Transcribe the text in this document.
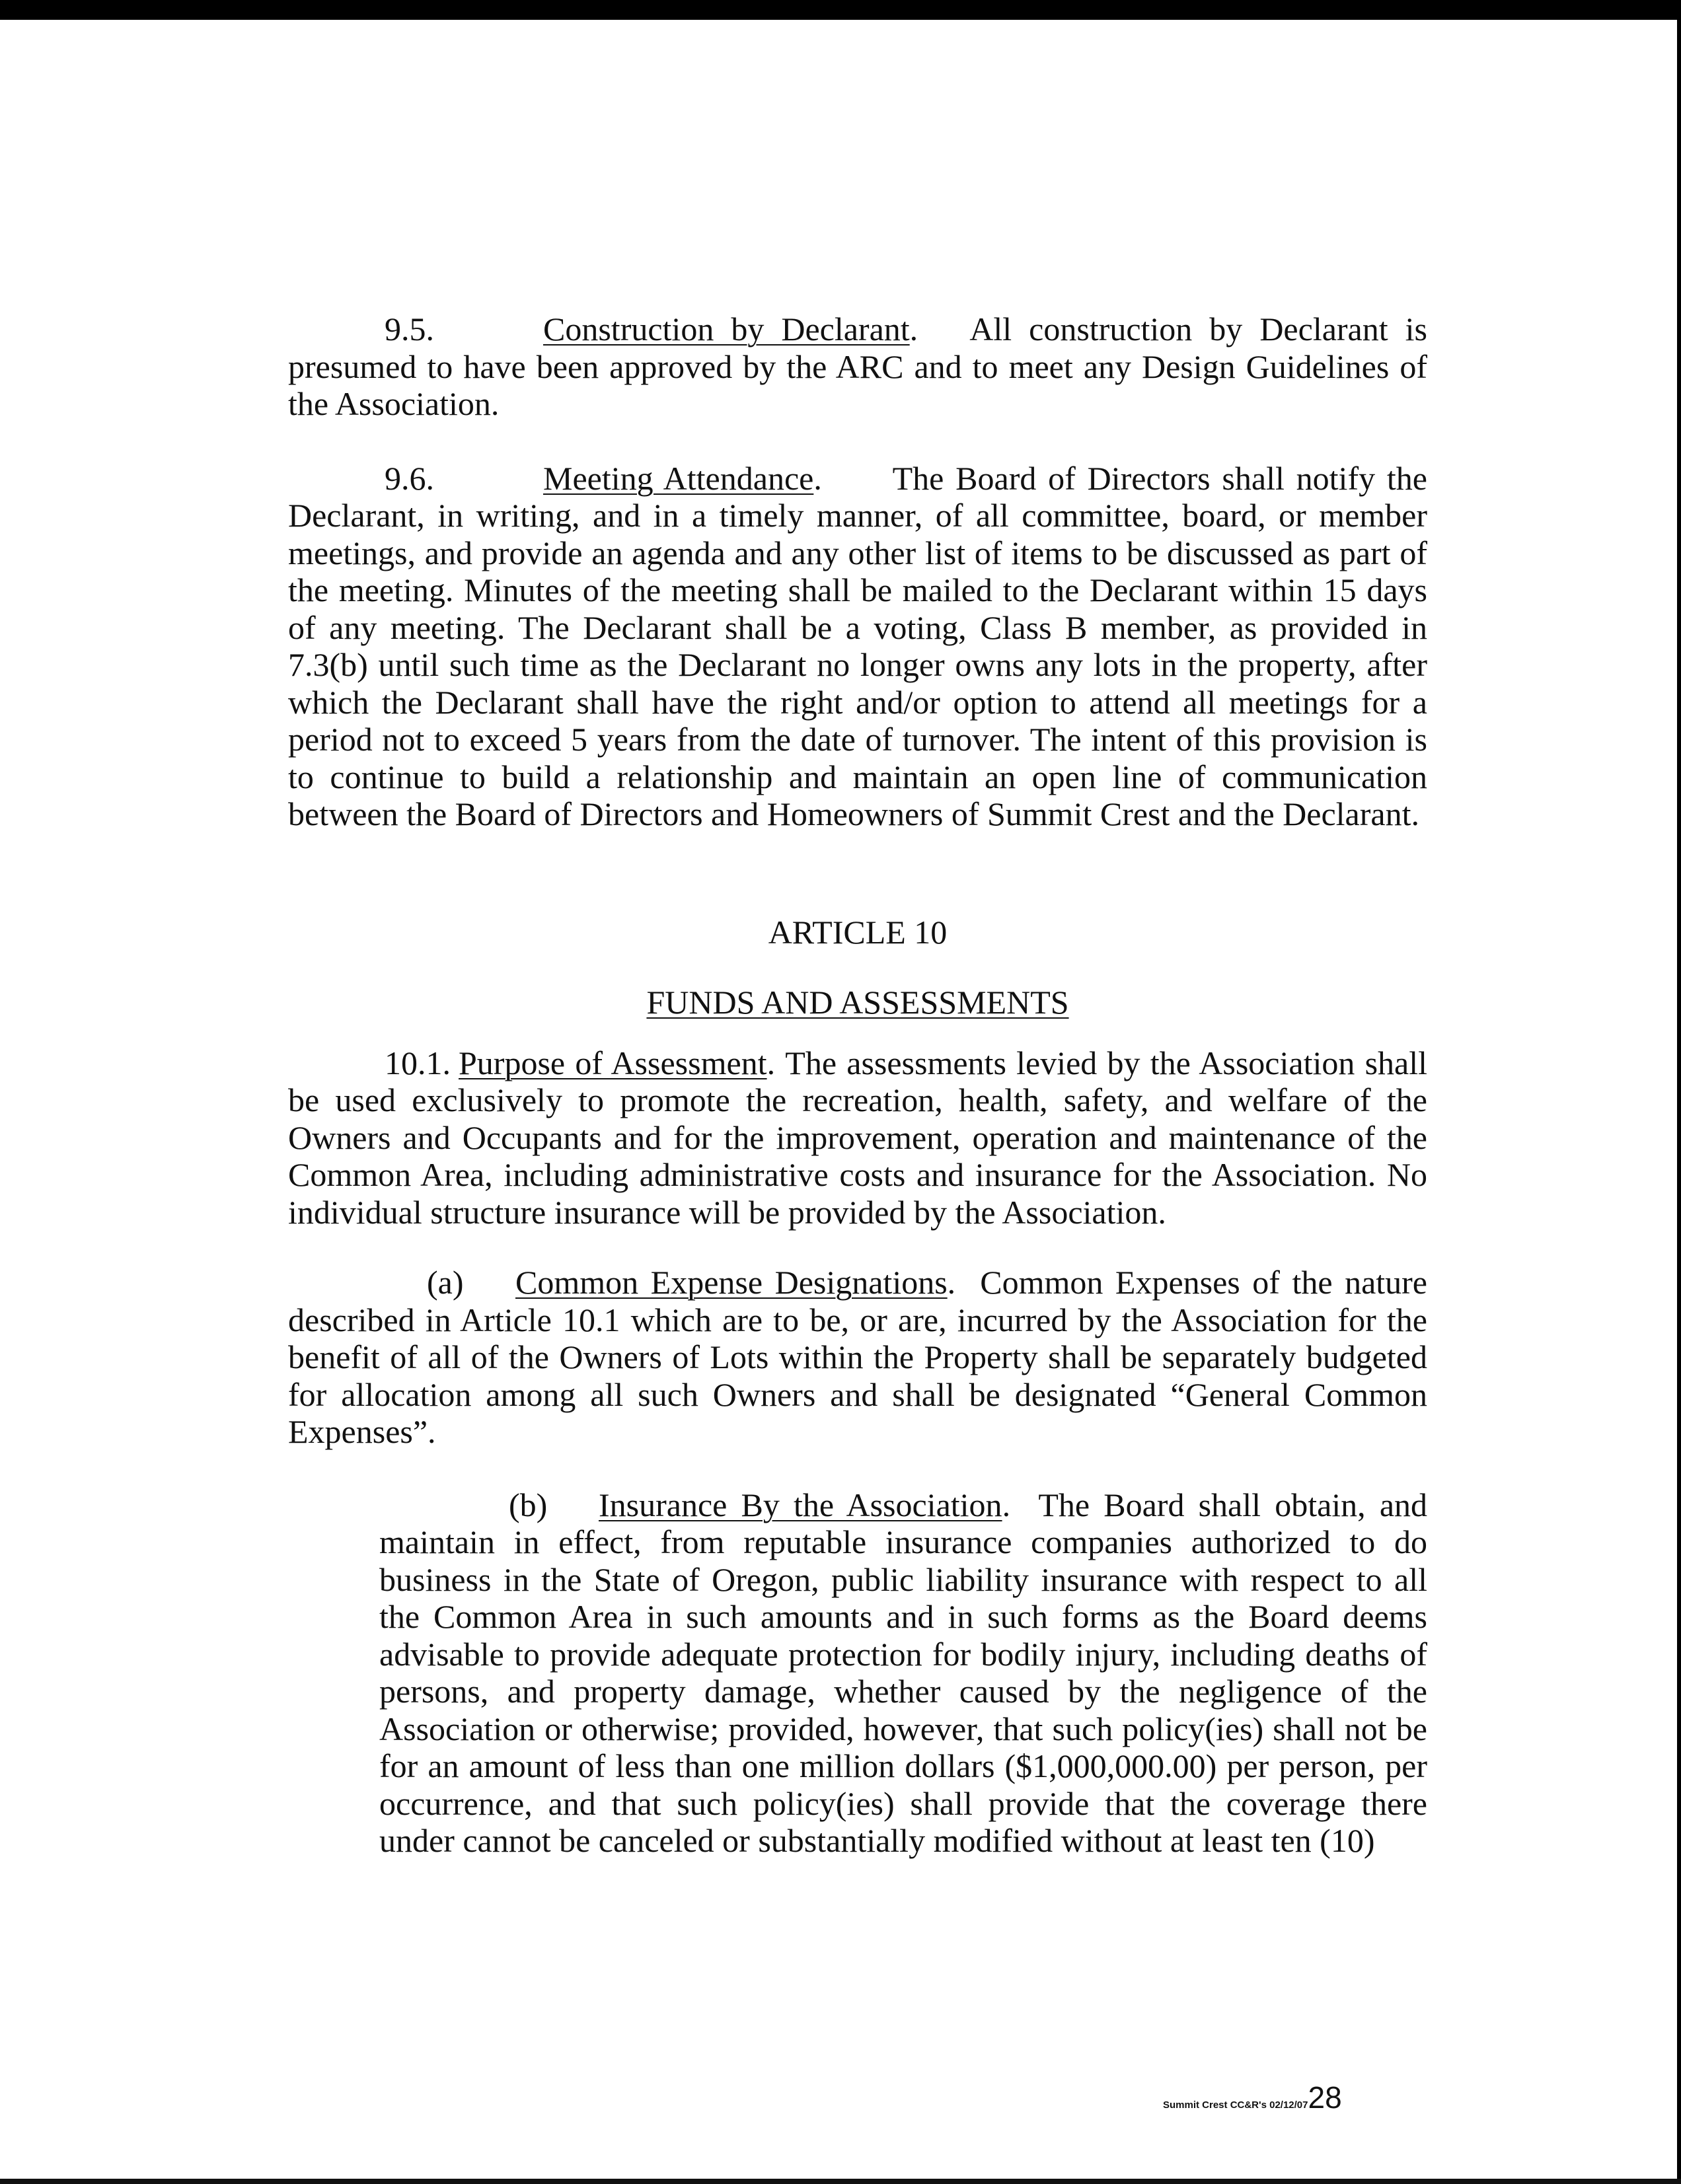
9.5.	Construction by Declarant.   All construction by Declarant is presumed to have been approved by the ARC and to meet any Design Guidelines of the Association.

9.6.	Meeting Attendance.      The Board of Directors shall notify the Declarant, in writing, and in a timely manner, of all committee, board, or member meetings, and provide an agenda and any other list of items to be discussed as part of the meeting. Minutes of the meeting shall be mailed to the Declarant within 15 days of any meeting. The Declarant shall be a voting, Class B member, as provided in 7.3(b) until such time as the Declarant no longer owns any lots in the property, after which the Declarant shall have the right and/or option to attend all meetings for a period not to exceed 5 years from the date of turnover. The intent of this provision is to continue to build a relationship and maintain an open line of communication between the Board of Directors and Homeowners of Summit Crest and the Declarant.

ARTICLE 10

FUNDS AND ASSESSMENTS

10.1. Purpose of Assessment. The assessments levied by the Association shall be used exclusively to promote the recreation, health, safety, and welfare of the Owners and Occupants and for the improvement, operation and maintenance of the Common Area, including administrative costs and insurance for the Association. No individual structure insurance will be provided by the Association.

(a) Common Expense Designations.  Common Expenses of the nature described in Article 10.1 which are to be, or are, incurred by the Association for the benefit of all of the Owners of Lots within the Property shall be separately budgeted for allocation among all such Owners and shall be designated “General Common Expenses”.

(b) Insurance By the Association.  The Board shall obtain, and maintain in effect, from reputable insurance companies authorized to do business in the State of Oregon, public liability insurance with respect to all the Common Area in such amounts and in such forms as the Board deems advisable to provide adequate protection for bodily injury, including deaths of persons, and property damage, whether caused by the negligence of the Association or otherwise; provided, however, that such policy(ies) shall not be for an amount of less than one million dollars ($1,000,000.00) per person, per occurrence, and that such policy(ies) shall provide that the coverage there under cannot be canceled or substantially modified without at least ten (10)

Summit Crest CC&R's 02/12/0728
